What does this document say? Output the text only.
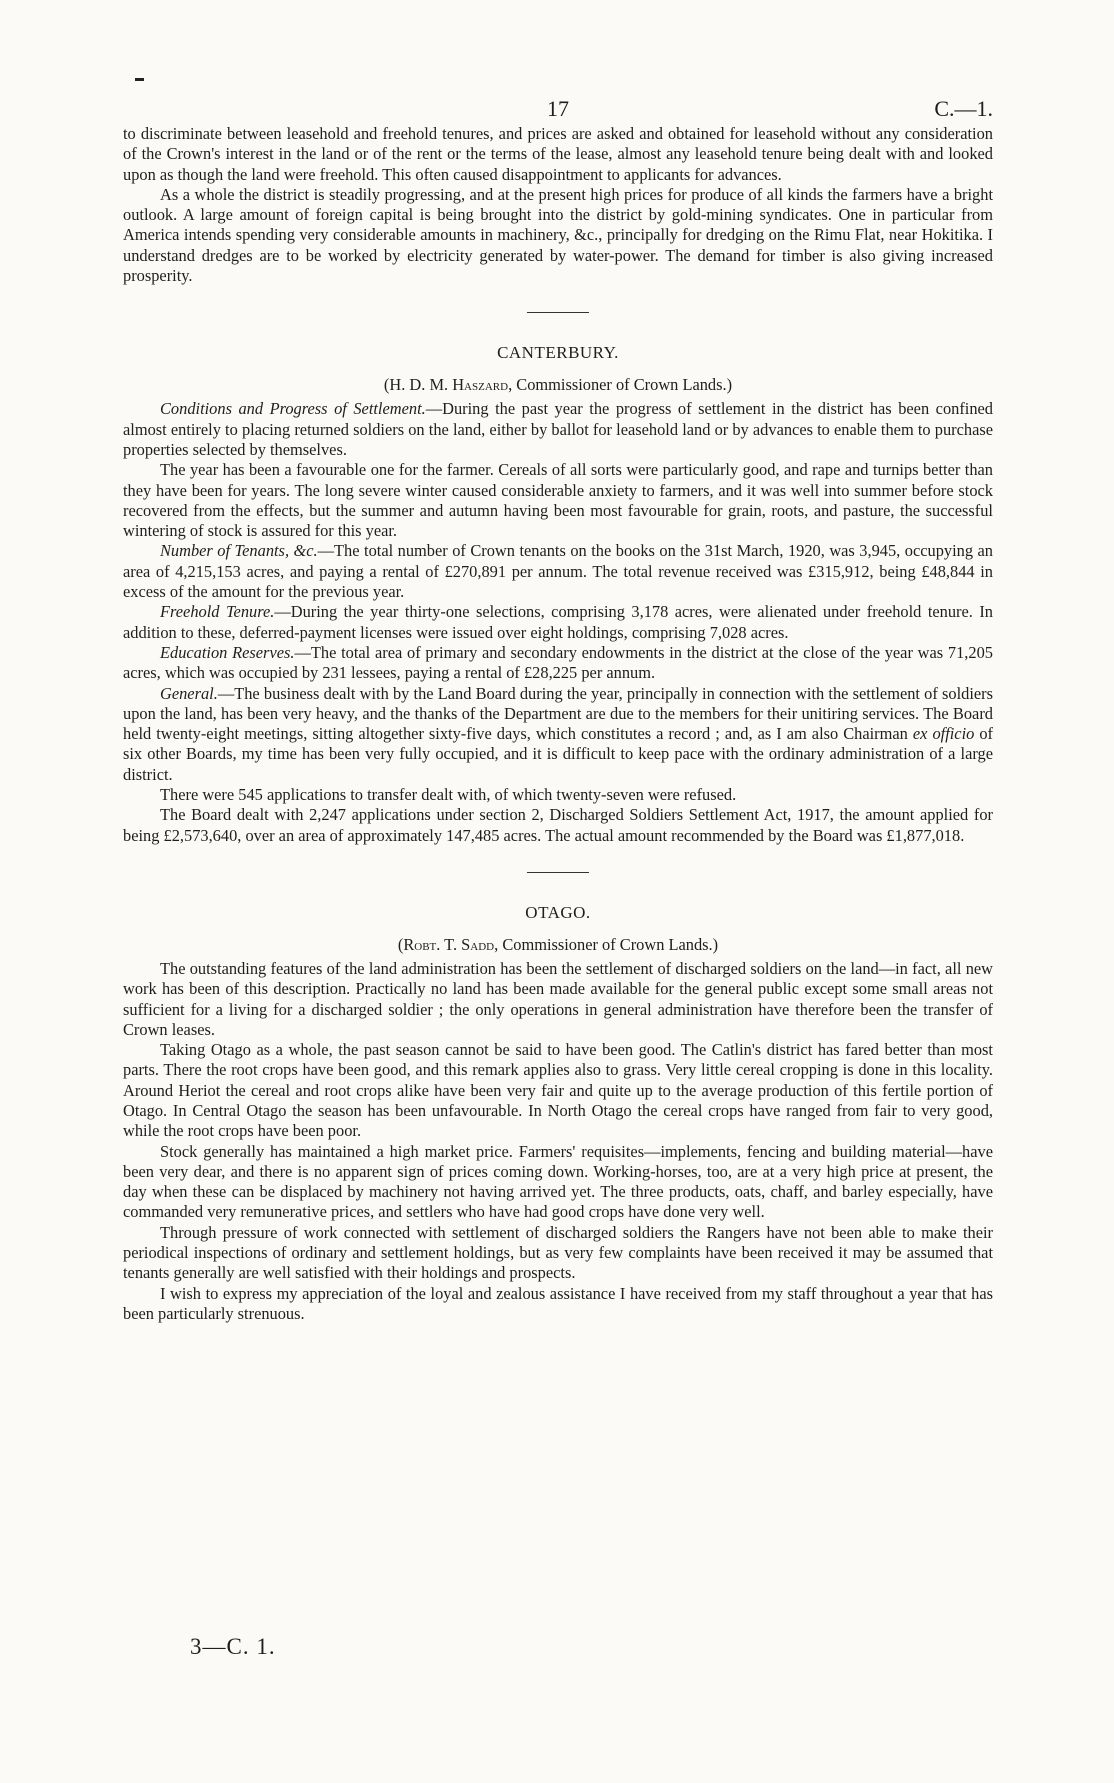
17	C.—1.

to discriminate between leasehold and freehold tenures, and prices are asked and obtained for leasehold without any consideration of the Crown's interest in the land or of the rent or the terms of the lease, almost any leasehold tenure being dealt with and looked upon as though the land were freehold. This often caused disappointment to applicants for advances.

As a whole the district is steadily progressing, and at the present high prices for produce of all kinds the farmers have a bright outlook. A large amount of foreign capital is being brought into the district by gold-mining syndicates. One in particular from America intends spending very considerable amounts in machinery, &c., principally for dredging on the Rimu Flat, near Hokitika. I understand dredges are to be worked by electricity generated by water-power. The demand for timber is also giving increased prosperity.

CANTERBURY.
(H. D. M. Haszard, Commissioner of Crown Lands.)

Conditions and Progress of Settlement.—During the past year the progress of settlement in the district has been confined almost entirely to placing returned soldiers on the land, either by ballot for leasehold land or by advances to enable them to purchase properties selected by themselves.

The year has been a favourable one for the farmer. Cereals of all sorts were particularly good, and rape and turnips better than they have been for years. The long severe winter caused considerable anxiety to farmers, and it was well into summer before stock recovered from the effects, but the summer and autumn having been most favourable for grain, roots, and pasture, the successful wintering of stock is assured for this year.

Number of Tenants, &c.—The total number of Crown tenants on the books on the 31st March, 1920, was 3,945, occupying an area of 4,215,153 acres, and paying a rental of £270,891 per annum. The total revenue received was £315,912, being £48,844 in excess of the amount for the previous year.

Freehold Tenure.—During the year thirty-one selections, comprising 3,178 acres, were alienated under freehold tenure. In addition to these, deferred-payment licenses were issued over eight holdings, comprising 7,028 acres.

Education Reserves.—The total area of primary and secondary endowments in the district at the close of the year was 71,205 acres, which was occupied by 231 lessees, paying a rental of £28,225 per annum.

General.—The business dealt with by the Land Board during the year, principally in connection with the settlement of soldiers upon the land, has been very heavy, and the thanks of the Department are due to the members for their unitiring services. The Board held twenty-eight meetings, sitting altogether sixty-five days, which constitutes a record ; and, as I am also Chairman ex officio of six other Boards, my time has been very fully occupied, and it is difficult to keep pace with the ordinary administration of a large district.

There were 545 applications to transfer dealt with, of which twenty-seven were refused.

The Board dealt with 2,247 applications under section 2, Discharged Soldiers Settlement Act, 1917, the amount applied for being £2,573,640, over an area of approximately 147,485 acres. The actual amount recommended by the Board was £1,877,018.

OTAGO.
(Robt. T. Sadd, Commissioner of Crown Lands.)

The outstanding features of the land administration has been the settlement of discharged soldiers on the land—in fact, all new work has been of this description. Practically no land has been made available for the general public except some small areas not sufficient for a living for a discharged soldier ; the only operations in general administration have therefore been the transfer of Crown leases.

Taking Otago as a whole, the past season cannot be said to have been good. The Catlin's district has fared better than most parts. There the root crops have been good, and this remark applies also to grass. Very little cereal cropping is done in this locality. Around Heriot the cereal and root crops alike have been very fair and quite up to the average production of this fertile portion of Otago. In Central Otago the season has been unfavourable. In North Otago the cereal crops have ranged from fair to very good, while the root crops have been poor.

Stock generally has maintained a high market price. Farmers' requisites—implements, fencing and building material—have been very dear, and there is no apparent sign of prices coming down. Working-horses, too, are at a very high price at present, the day when these can be displaced by machinery not having arrived yet. The three products, oats, chaff, and barley especially, have commanded very remunerative prices, and settlers who have had good crops have done very well.

Through pressure of work connected with settlement of discharged soldiers the Rangers have not been able to make their periodical inspections of ordinary and settlement holdings, but as very few complaints have been received it may be assumed that tenants generally are well satisfied with their holdings and prospects.

I wish to express my appreciation of the loyal and zealous assistance I have received from my staff throughout a year that has been particularly strenuous.

3—C. 1.
